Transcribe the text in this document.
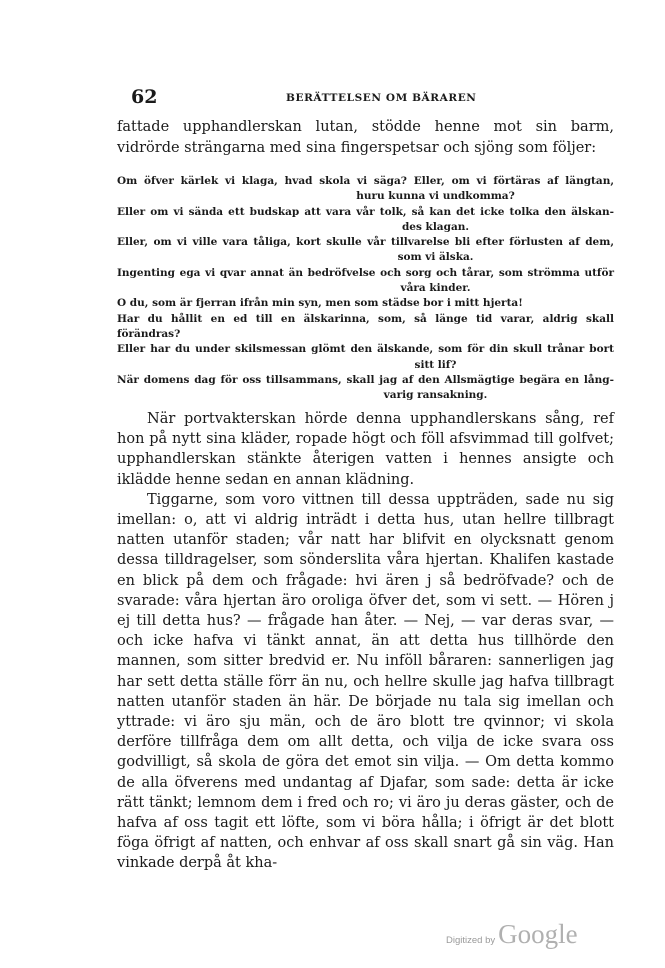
62	BERÄTTELSEN OM BÄRAREN

fattade upphandlerskan lutan, stödde henne mot sin barm, vidrörde strängarna med sina fingerspetsar och sjöng som följer:

Om öfver kärlek vi klaga, hvad skola vi säga? Eller, om vi förtäras af längtan,

huru kunna vi undkomma?

Eller om vi sända ett budskap att vara vår tolk, så kan det icke tolka den älskan-

des klagan.

Eller, om vi ville vara tåliga, kort skulle vår tillvarelse bli efter förlusten af dem,

som vi älska.

Ingenting ega vi qvar annat än bedröfvelse och sorg och tårar, som strömma utför

våra kinder.

O du, som är fjerran ifrån min syn, men som städse bor i mitt hjerta!

Har du hållit en ed till en älskarinna, som, så länge tid varar, aldrig skall förändras?

Eller har du under skilsmessan glömt den älskande, som för din skull trånar bort

sitt lif?

När domens dag för oss tillsammans, skall jag af den Allsmägtige begära en lång-

varig ransakning.

När portvakterskan hörde denna upphandlerskans sång, ref hon på nytt sina kläder, ropade högt och föll afsvimmad till golfvet; upphandlerskan stänkte återigen vatten i hennes ansigte och ikläddе henne sedan en annan klädning.

Tiggarne, som voro vittnen till dessa uppträden, sade nu sig imellan: o, att vi aldrig inträdt i detta hus, utan hellre tillbragt natten utanför staden; vår natt har blifvit en olycksnatt genom dessa tilldragelser, som sönderslita våra hjertan. Khalifen kastade en blick på dem och frågade: hvi ären j så bedröfvade? och de svarade: våra hjertan äro oroliga öfver det, som vi sett. — Hören j ej till detta hus? — frågade han åter. — Nej, — var deras svar, — och icke hafva vi tänkt annat, än att detta hus tillhörde den mannen, som sitter bredvid er. Nu inföll båraren: sannerligen jag har sett detta ställe förr än nu, och hellre skulle jag hafva tillbragt natten utanför staden än här. De började nu tala sig imellan och yttrade: vi äro sju män, och de äro blott tre qvinnor; vi skola derföre tillfråga dem om allt detta, och vilja de icke svara oss godvilligt, så skola de göra det emot sin vilja. — Om detta kommo de alla öfverens med undantag af Djafar, som sade: detta är icke rätt tänkt; lemnom dem i fred och ro; vi äro ju deras gäster, och de hafva af oss tagit ett löfte, som vi böra hålla; i öfrigt är det blott föga öfrigt af natten, och enhvar af oss skall snart gå sin väg. Han vinkade derpå åt kha-

Digitized by Google
